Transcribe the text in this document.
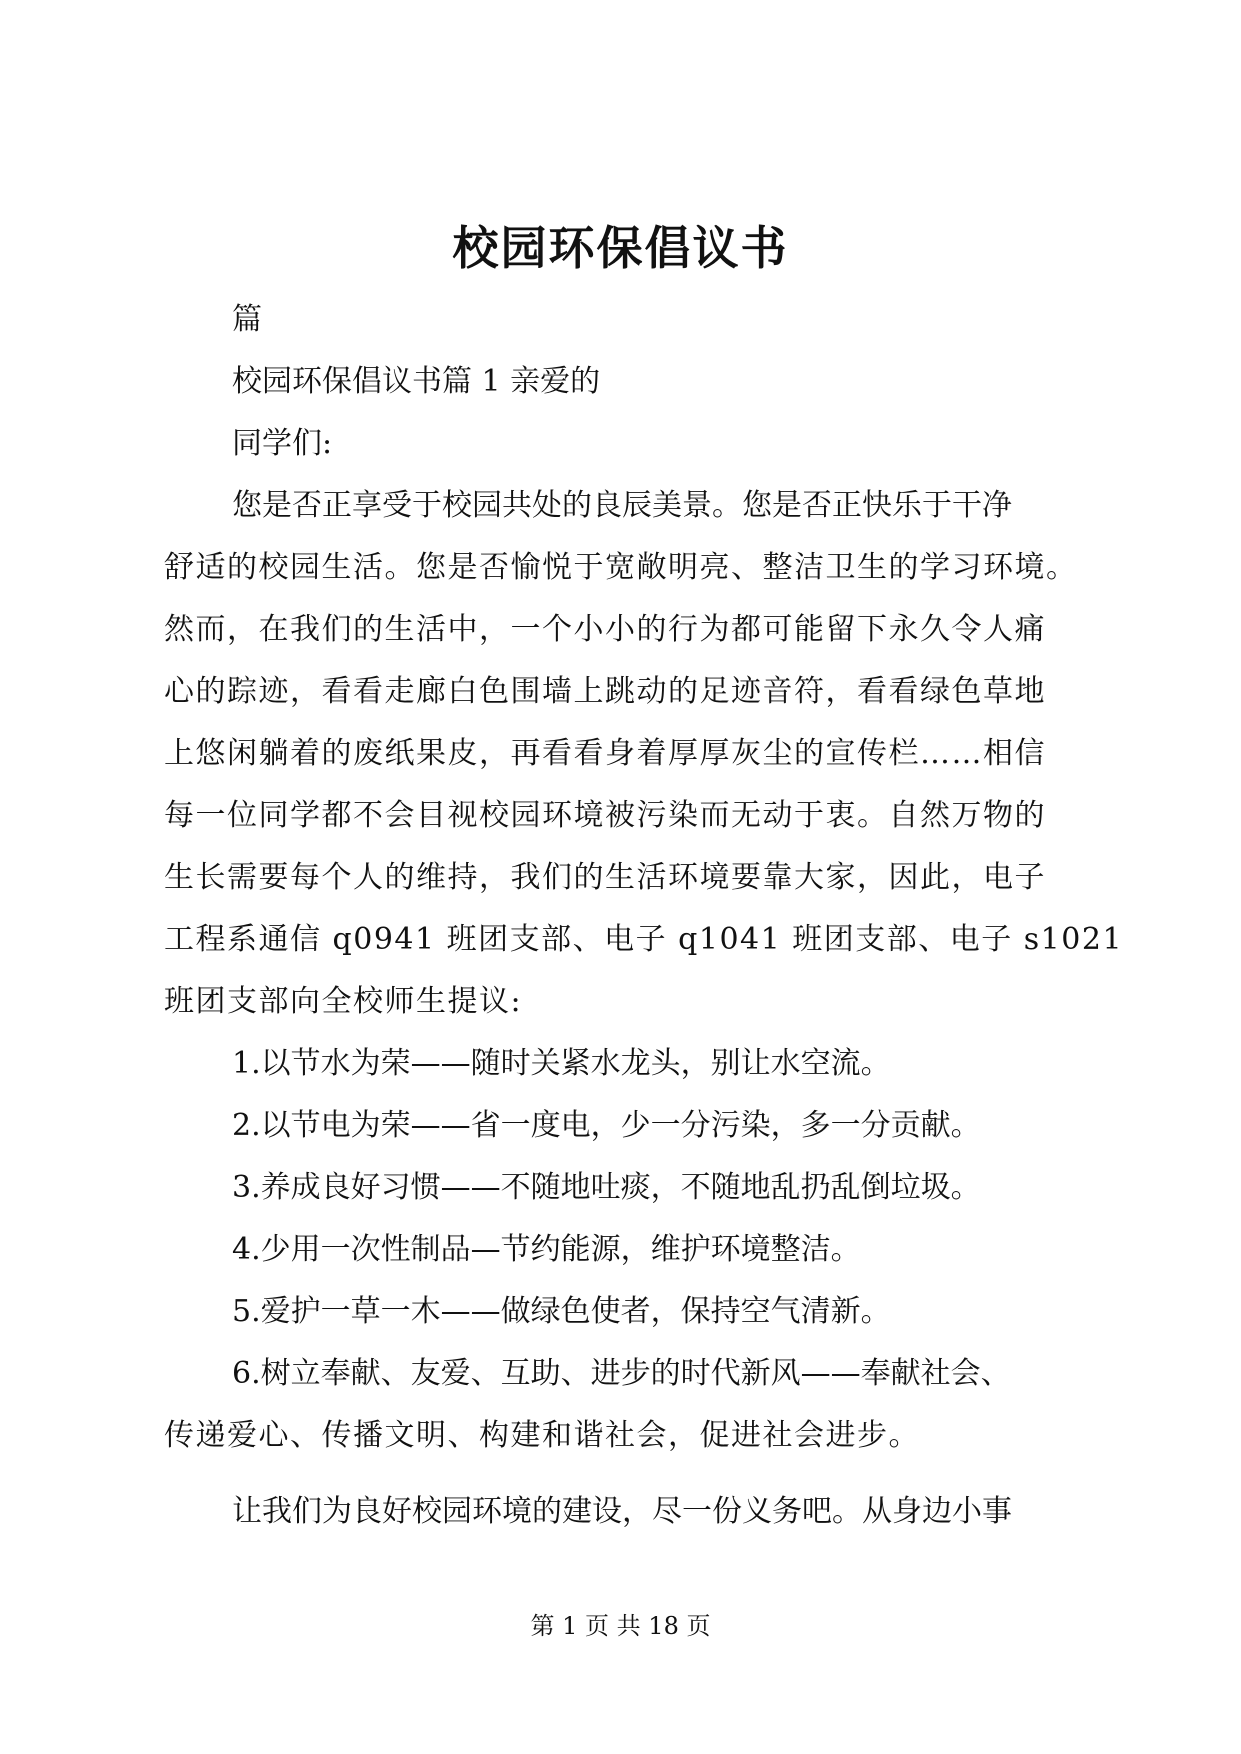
校园环保倡议书
篇
校园环保倡议书篇 1 亲爱的
同学们:
您是否正享受于校园共处的良辰美景。您是否正快乐于干净
舒适的校园生活。您是否愉悦于宽敞明亮、整洁卫生的学习环境。
然而，在我们的生活中，一个小小的行为都可能留下永久令人痛
心的踪迹，看看走廊白色围墙上跳动的足迹音符，看看绿色草地
上悠闲躺着的废纸果皮，再看看身着厚厚灰尘的宣传栏……相信
每一位同学都不会目视校园环境被污染而无动于衷。自然万物的
生长需要每个人的维持，我们的生活环境要靠大家，因此，电子
工程系通信 q0941 班团支部、电子 q1041 班团支部、电子 s1021
班团支部向全校师生提议:
1.以节水为荣——随时关紧水龙头，别让水空流。
2.以节电为荣——省一度电，少一分污染，多一分贡献。
3.养成良好习惯——不随地吐痰，不随地乱扔乱倒垃圾。
4.少用一次性制品—节约能源，维护环境整洁。
5.爱护一草一木——做绿色使者，保持空气清新。
6.树立奉献、友爱、互助、进步的时代新风——奉献社会、
传递爱心、传播文明、构建和谐社会，促进社会进步。
让我们为良好校园环境的建设，尽一份义务吧。从身边小事
第 1 页 共 18 页
